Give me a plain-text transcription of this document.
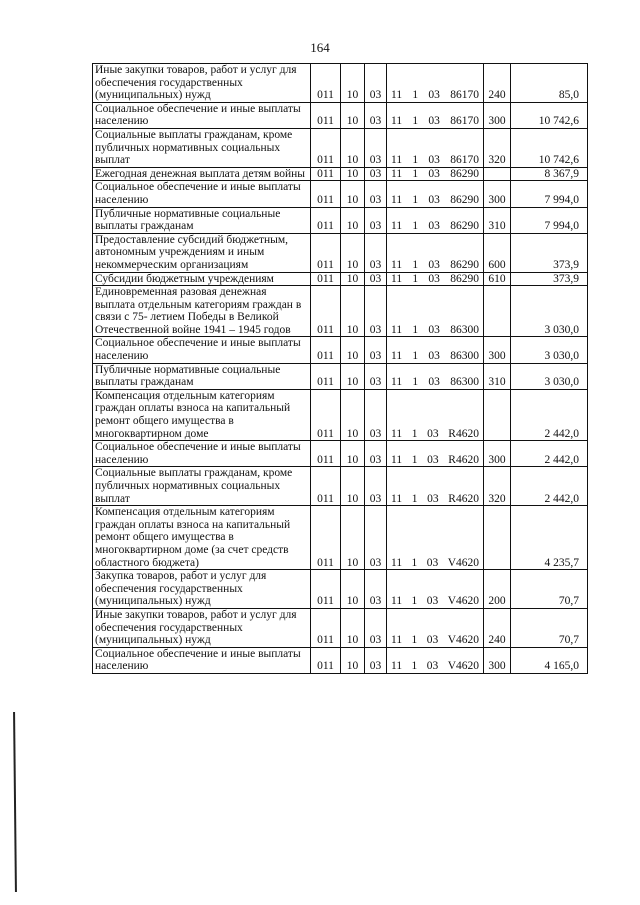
164
Иные закупки товаров, работ и услуг для обеспечения государственных (муниципальных) нужд	011	10	03	11 1 03 86170	240	85,0
Социальное обеспечение и иные выплаты населению	011	10	03	11 1 03 86170	300	10 742,6
Социальные выплаты гражданам, кроме публичных нормативных социальных выплат	011	10	03	11 1 03 86170	320	10 742,6
Ежегодная денежная выплата детям войны	011	10	03	11 1 03 86290		8 367,9
Социальное обеспечение и иные выплаты населению	011	10	03	11 1 03 86290	300	7 994,0
Публичные нормативные социальные выплаты гражданам	011	10	03	11 1 03 86290	310	7 994,0
Предоставление субсидий бюджетным, автономным учреждениям и иным некоммерческим организациям	011	10	03	11 1 03 86290	600	373,9
Субсидии бюджетным учреждениям	011	10	03	11 1 03 86290	610	373,9
Единовременная разовая денежная выплата отдельным категориям граждан в связи с 75- летием Победы в Великой Отечественной войне 1941 – 1945 годов	011	10	03	11 1 03 86300		3 030,0
Социальное обеспечение и иные выплаты населению	011	10	03	11 1 03 86300	300	3 030,0
Публичные нормативные социальные выплаты гражданам	011	10	03	11 1 03 86300	310	3 030,0
Компенсация отдельным категориям граждан оплаты взноса на капитальный ремонт общего имущества в многоквартирном доме	011	10	03	11 1 03 R4620		2 442,0
Социальное обеспечение и иные выплаты населению	011	10	03	11 1 03 R4620	300	2 442,0
Социальные выплаты гражданам, кроме публичных нормативных социальных выплат	011	10	03	11 1 03 R4620	320	2 442,0
Компенсация отдельным категориям граждан оплаты взноса на капитальный ремонт общего имущества в многоквартирном доме (за счет средств областного бюджета)	011	10	03	11 1 03 V4620		4 235,7
Закупка товаров, работ и услуг для обеспечения государственных (муниципальных) нужд	011	10	03	11 1 03 V4620	200	70,7
Иные закупки товаров, работ и услуг для обеспечения государственных (муниципальных) нужд	011	10	03	11 1 03 V4620	240	70,7
Социальное обеспечение и иные выплаты населению	011	10	03	11 1 03 V4620	300	4 165,0
